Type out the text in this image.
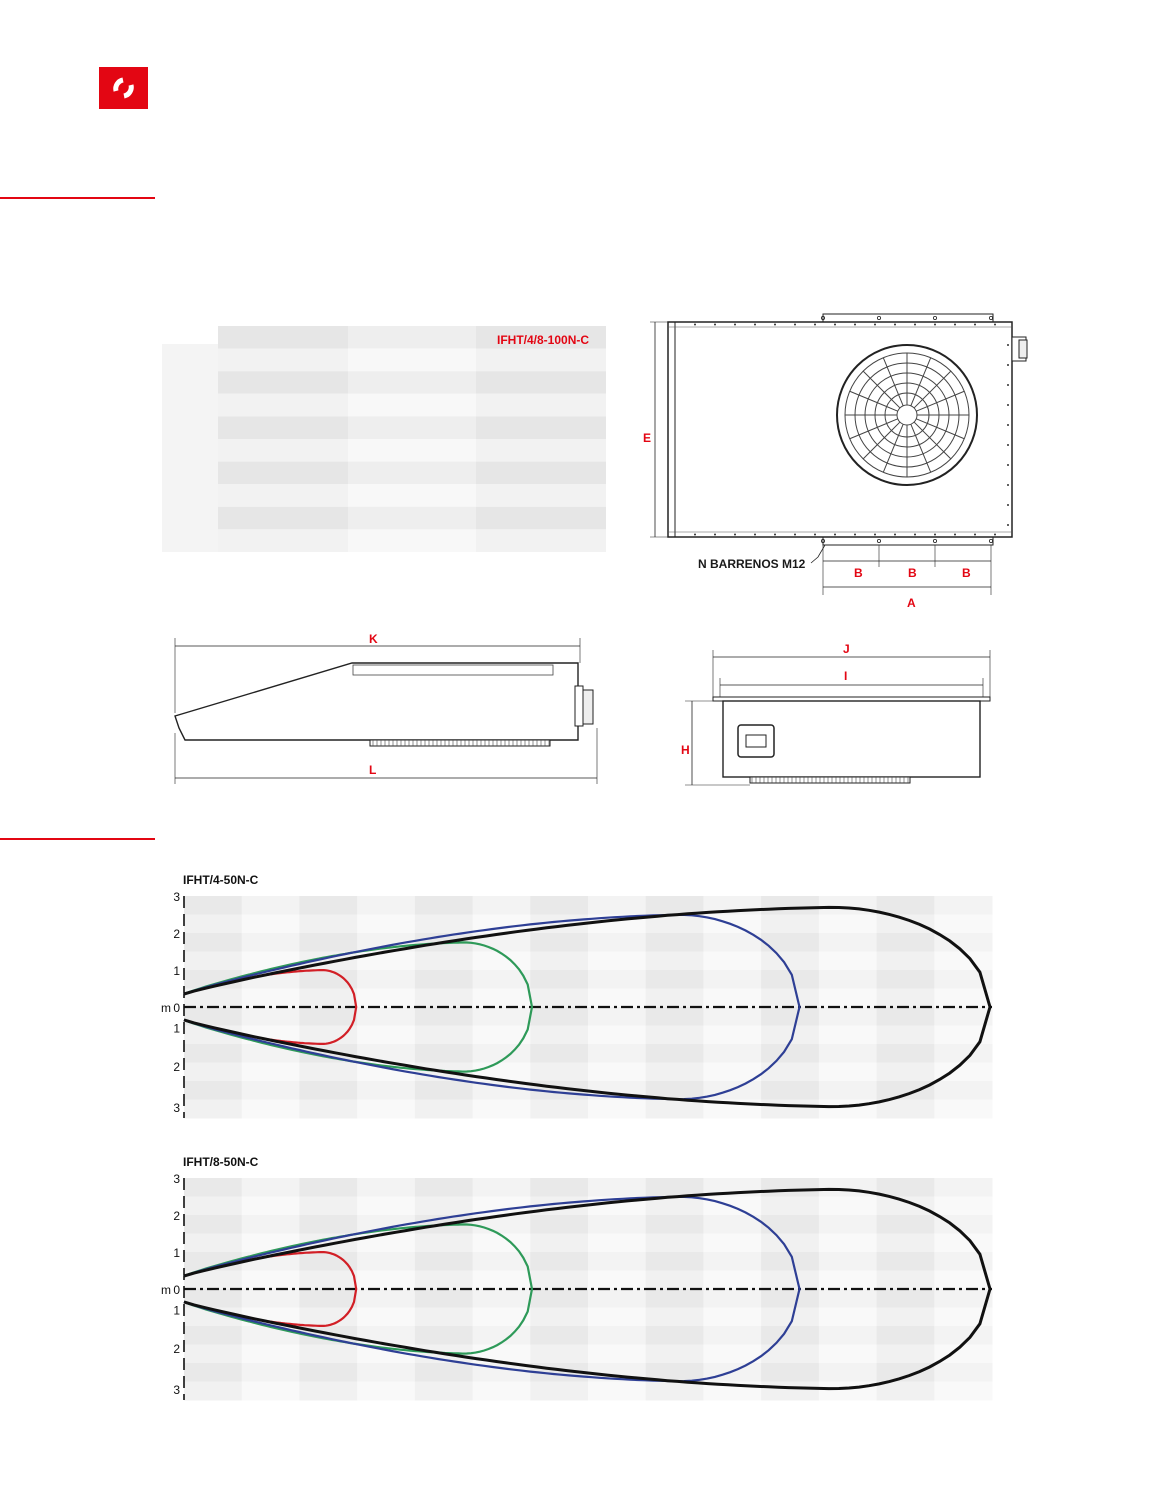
IFHT/4/8-100N-C
E
B	B	B
A
N BARRENOS M12
K
L
J
I
H
IFHT/4-50N-C
3
2
1
0
1
2
3
m
IFHT/8-50N-C
3
2
1
0
1
2
3
m
